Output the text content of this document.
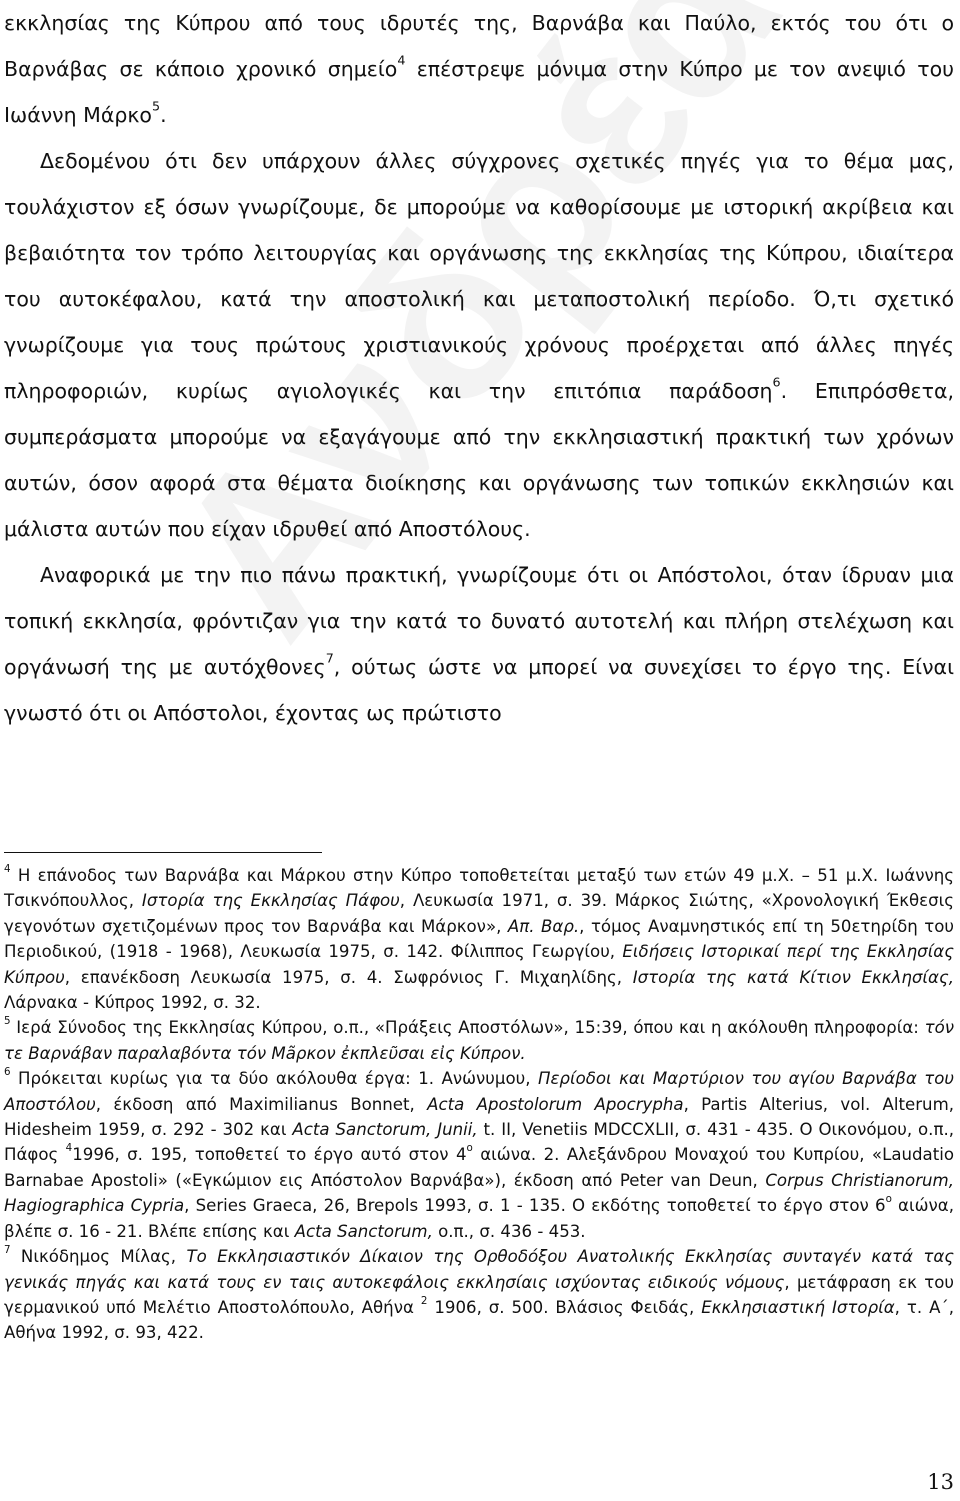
εκκλησίας της Κύπρου από τους ιδρυτές της, Βαρνάβα και Παύλο, εκτός του ότι ο Βαρνάβας σε κάποιο χρονικό σημείο$^4$ επέστρεψε μόνιμα στην Κύπρο με τον ανεψιό του Ιωάννη Μάρκο$^5$.

Δεδομένου ότι δεν υπάρχουν άλλες σύγχρονες σχετικές πηγές για το θέμα μας, τουλάχιστον εξ όσων γνωρίζουμε, δε μπορούμε να καθορίσουμε με ιστορική ακρίβεια και βεβαιότητα τον τρόπο λειτουργίας και οργάνωσης της εκκλησίας της Κύπρου, ιδιαίτερα του αυτοκέφαλου, κατά την αποστολική και μεταποστολική περίοδο. Ό,τι σχετικό γνωρίζουμε για τους πρώτους χριστιανικούς χρόνους προέρχεται από άλλες πηγές πληροφοριών, κυρίως αγιολογικές και την επιτόπια παράδοση$^6$. Επιπρόσθετα, συμπεράσματα μπορούμε να εξαγάγουμε από την εκκλησιαστική πρακτική των χρόνων αυτών, όσον αφορά στα θέματα διοίκησης και οργάνωσης των τοπικών εκκλησιών και μάλιστα αυτών που είχαν ιδρυθεί από Αποστόλους.

Αναφορικά με την πιο πάνω πρακτική, γνωρίζουμε ότι οι Απόστολοι, όταν ίδρυαν μια τοπική εκκλησία, φρόντιζαν για την κατά το δυνατό αυτοτελή και πλήρη στελέχωση και οργάνωσή της με αυτόχθονες$^7$, ούτως ώστε να μπορεί να συνεχίσει το έργο της. Είναι γνωστό ότι οι Απόστολοι, έχοντας ως πρώτιστο

$^4$ Η επάνοδος των Βαρνάβα και Μάρκου στην Κύπρο τοποθετείται μεταξύ των ετών 49 μ.Χ. – 51 μ.Χ. Ιωάννης Τσικνόπουλλος, Ιστορία της Εκκλησίας Πάφου, Λευκωσία 1971, σ. 39. Μάρκος Σιώτης, «Χρονολογική Έκθεσις γεγονότων σχετιζομένων προς τον Βαρνάβα και Μάρκον», Απ. Βαρ., τόμος Αναμνηστικός επί τη 50ετηρίδη του Περιοδικού, (1918 - 1968), Λευκωσία 1975, σ. 142. Φίλιππος Γεωργίου, Ειδήσεις Ιστορικαί περί της Εκκλησίας Κύπρου, επανέκδοση Λευκωσία 1975, σ. 4. Σωφρόνιος Γ. Μιχαηλίδης, Ιστορία της κατά Κίτιον Εκκλησίας, Λάρνακα - Κύπρος 1992, σ. 32.

$^5$ Ιερά Σύνοδος της Εκκλησίας Κύπρου, ο.π., «Πράξεις Αποστόλων», 15:39, όπου και η ακόλουθη πληροφορία: τόν τε Βαρνάβαν παραλαβόντα τόν Μãρκον ἐκπλεῦσαι εἰς Κύπρον.

$^6$ Πρόκειται κυρίως για τα δύο ακόλουθα έργα: 1. Ανώνυμου, Περίοδοι και Μαρτύριον του αγίου Βαρνάβα του Αποστόλου, έκδοση από Maximilianus Bonnet, Acta Apostolorum Apocrypha, Partis Alterius, vol. Alterum, Hidesheim 1959, σ. 292 - 302 και Acta Sanctorum, Junii, t. II, Venetiis MDCCXLII, σ. 431 - 435. Ο Οικονόμου, ο.π., Πάφος $^4$1996, σ. 195, τοποθετεί το έργο αυτό στον $4^o$ αιώνα. 2. Αλεξάνδρου Μοναχού του Κυπρίου, «Laudatio Barnabae Apostoli» («Εγκώμιον εις Απόστολον Βαρνάβα»), έκδοση από Peter van Deun, Corpus Christianorum, Hagiographica Cypria, Series Graeca, 26, Brepols 1993, σ. 1 - 135. Ο εκδότης τοποθετεί το έργο στον $6^o$ αιώνα, βλέπε σ. 16 - 21. Βλέπε επίσης και Acta Sanctorum, ο.π., σ. 436 - 453.

$^7$ Νικόδημος Μίλας, Το Εκκλησιαστικόν Δίκαιον της Ορθοδόξου Ανατολικής Εκκλησίας συνταγέν κατά τας γενικάς πηγάς και κατά τους εν ταις αυτοκεφάλοις εκκλησίαις ισχύοντας ειδικούς νόμους, μετάφραση εκ του γερμανικού υπό Μελέτιο Αποστολόπουλο, Αθήνα $^2$ 1906, σ. 500. Βλάσιος Φειδάς, Εκκλησιαστική Ιστορία, τ. Α΄, Αθήνα 1992, σ. 93, 422.

13
